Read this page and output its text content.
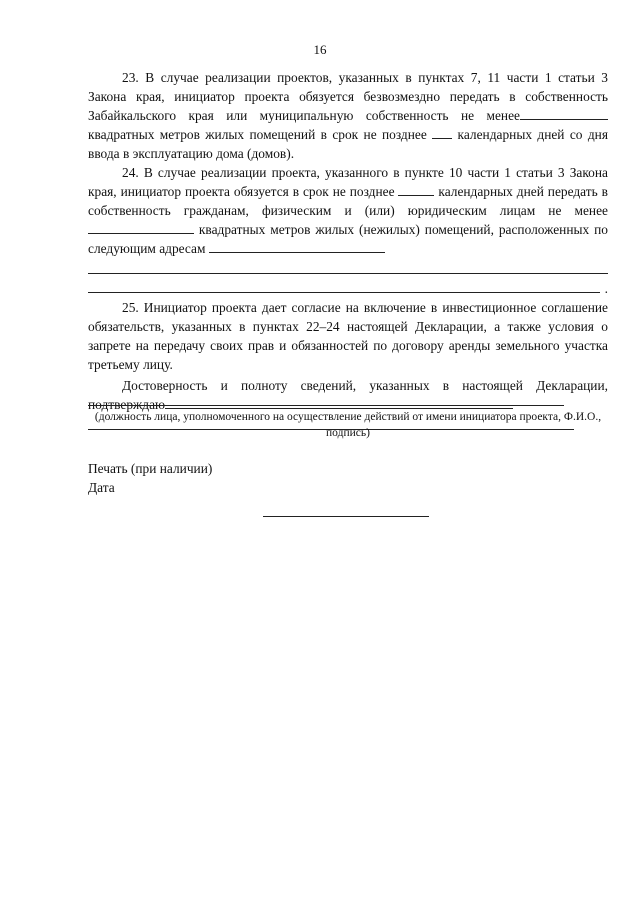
16

23. В случае реализации проектов, указанных в пунктах 7, 11 части 1 статьи 3 Закона края, инициатор проекта обязуется безвозмездно передать в собственность Забайкальского края или муниципальную собственность не менее квадратных метров жилых помещений в срок не позднее  календарных дней со дня ввода в эксплуатацию дома (домов).

24. В случае реализации проекта, указанного в пункте 10 части 1 статьи 3 Закона края, инициатор проекта обязуется в срок не позднее	календарных дней передать в собственность гражданам, физическим и (или) юридическим лицам не менее  квадратных метров жилых (нежилых) помещений, расположенных по следующим адресам

.

25. Инициатор проекта дает согласие на включение в инвестиционное соглашение обязательств, указанных в пунктах 22–24 настоящей Декларации, а также условия о запрете на передачу своих прав и обязанностей по договору аренды земельного участка третьему лицу.

Достоверность и полноту сведений, указанных в настоящей Декларации, подтверждаю

(должность лица, уполномоченного на осуществление действий от имени инициатора проекта, Ф.И.О., подпись)
Печать (при наличии)
Дата
